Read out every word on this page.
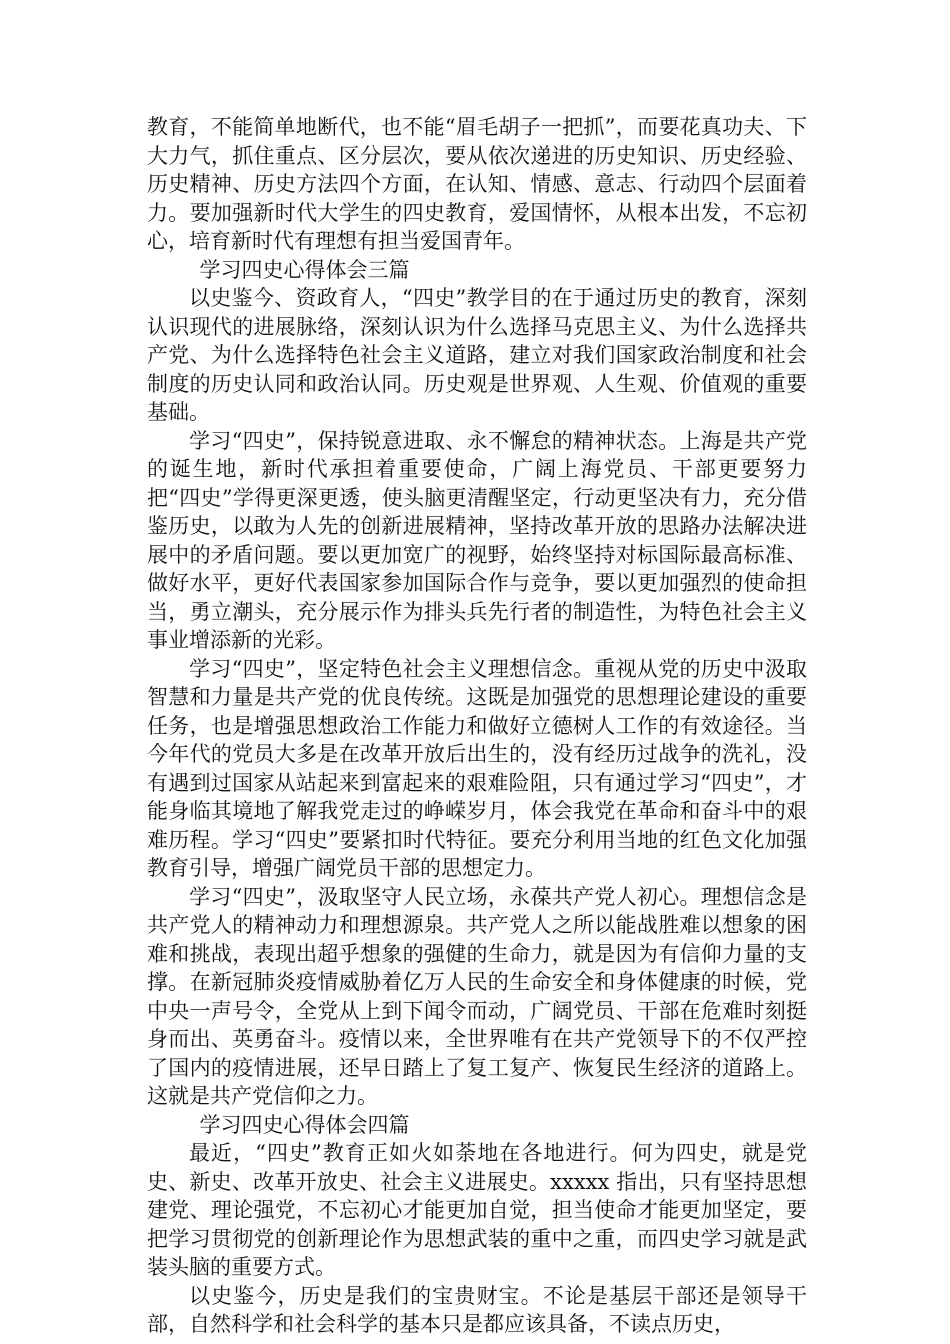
教育，不能简单地断代，也不能“眉毛胡子一把抓”，而要花真功夫、下大力气，抓住重点、区分层次，要从依次递进的历史知识、历史经验、历史精神、历史方法四个方面，在认知、情感、意志、行动四个层面着力。要加强新时代大学生的四史教育，爱国情怀，从根本出发，不忘初心，培育新时代有理想有担当爱国青年。

学习四史心得体会三篇

以史鉴今、资政育人，“四史”教学目的在于通过历史的教育，深刻认识现代的进展脉络，深刻认识为什么选择马克思主义、为什么选择共产党、为什么选择特色社会主义道路，建立对我们国家政治制度和社会制度的历史认同和政治认同。历史观是世界观、人生观、价值观的重要基础。

学习“四史”，保持锐意进取、永不懈怠的精神状态。上海是共产党的诞生地，新时代承担着重要使命，广阔上海党员、干部更要努力把“四史”学得更深更透，使头脑更清醒坚定，行动更坚决有力，充分借鉴历史，以敢为人先的创新进展精神，坚持改革开放的思路办法解决进展中的矛盾问题。要以更加宽广的视野，始终坚持对标国际最高标准、做好水平，更好代表国家参加国际合作与竞争，要以更加强烈的使命担当，勇立潮头，充分展示作为排头兵先行者的制造性，为特色社会主义事业增添新的光彩。

学习“四史”，坚定特色社会主义理想信念。重视从党的历史中汲取智慧和力量是共产党的优良传统。这既是加强党的思想理论建设的重要任务，也是增强思想政治工作能力和做好立德树人工作的有效途径。当今年代的党员大多是在改革开放后出生的，没有经历过战争的洗礼，没有遇到过国家从站起来到富起来的艰难险阻，只有通过学习“四史”，才能身临其境地了解我党走过的峥嵘岁月，体会我党在革命和奋斗中的艰难历程。学习“四史”要紧扣时代特征。要充分利用当地的红色文化加强教育引导，增强广阔党员干部的思想定力。

学习“四史”，汲取坚守人民立场，永葆共产党人初心。理想信念是共产党人的精神动力和理想源泉。共产党人之所以能战胜难以想象的困难和挑战，表现出超乎想象的强健的生命力，就是因为有信仰力量的支撑。在新冠肺炎疫情威胁着亿万人民的生命安全和身体健康的时候，党中央一声号令，全党从上到下闻令而动，广阔党员、干部在危难时刻挺身而出、英勇奋斗。疫情以来，全世界唯有在共产党领导下的不仅严控了国内的疫情进展，还早日踏上了复工复产、恢复民生经济的道路上。这就是共产党信仰之力。

学习四史心得体会四篇

最近，“四史”教育正如火如荼地在各地进行。何为四史，就是党史、新史、改革开放史、社会主义进展史。xxxxx 指出，只有坚持思想建党、理论强党，不忘初心才能更加自觉，担当使命才能更加坚定，要把学习贯彻党的创新理论作为思想武装的重中之重，而四史学习就是武装头脑的重要方式。

以史鉴今，历史是我们的宝贵财宝。不论是基层干部还是领导干部，自然科学和社会科学的基本只是都应该具备，不读点历史，
